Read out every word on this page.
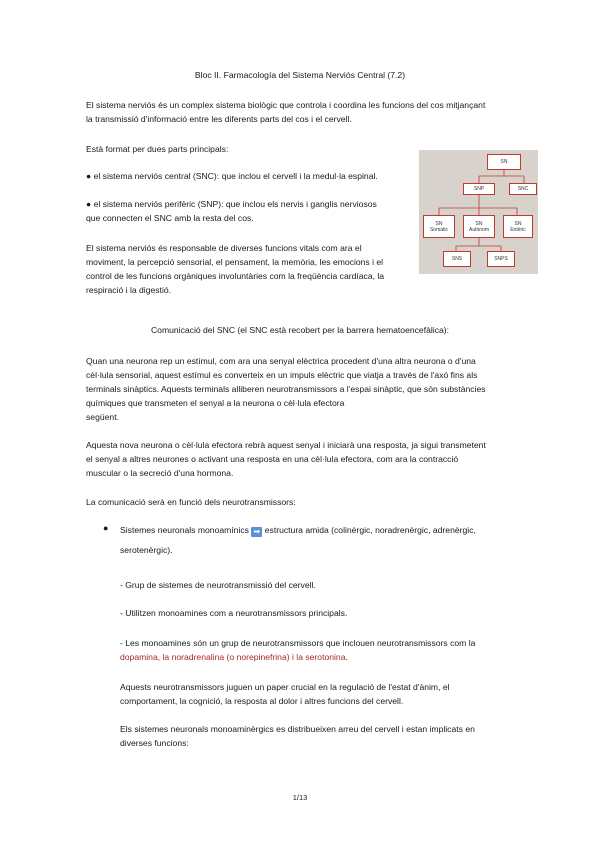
Bloc II. Farmacología del Sistema Nerviós Central (7.2)

El sistema nerviós és un complex sistema biològic que controla i coordina les funcions del cos mitjançant

la transmissió d'informació entre les diferents parts del cos i el cervell.

Està format per dues parts principals:

● el sistema nerviós central (SNC): que inclou el cervell i la medul·la espinal.

● el sistema nerviós perifèric (SNP): que inclou els nervis i ganglis nerviosos

que connecten el SNC amb la resta del cos.

El sistema nerviós és responsable de diverses funcions vitals com ara el

moviment, la percepció sensorial, el pensament, la memòria, les emocions i el

control de les funcions orgàniques involuntàries com la freqüència cardíaca, la

respiració i la digestió.

SN
SNP	SNC
SN
Somàtic
SN
Autònom
SN
Entèric
SNS	SNPS
Comunicació del SNC (el SNC està recobert per la barrera hematoencefàlica):

Quan una neurona rep un estímul, com ara una senyal elèctrica procedent d'una altra neurona o d'una

cèl·lula sensorial, aquest estímul es converteix en un impuls elèctric que viatja a través de l'axó fins als

terminals sinàptics. Aquests terminals alliberen neurotransmissors a l'espai sinàptic, que són substàncies

químiques que transmeten el senyal a la neurona o cèl·lula efectora

següent.

Aquesta nova neurona o cèl·lula efectora rebrà aquest senyal i iniciarà una resposta, ja sigui transmetent

el senyal a altres neurones o activant una resposta en una cèl·lula efectora, com ara la contracció

muscular o la secreció d'una hormona.

La comunicació serà en funció dels neurotransmissors:

● Sistemes neuronals monoamínics ➡ estructura amida (colinèrgic, noradrenèrgic, adrenèrgic,

serotenèrgic).

- Grup de sistemes de neurotransmissió del cervell.

- Utilitzen monoamines com a neurotransmissors principals.

- Les monoamines són un grup de neurotransmissors que inclouen neurotransmissors com la

dopamina, la noradrenalina (o norepinefrina) i la serotonina.

Aquests neurotransmissors juguen un paper crucial en la regulació de l'estat d'ànim, el

comportament, la cognició, la resposta al dolor i altres funcions del cervell.

Els sistemes neuronals monoaminèrgics es distribueixen arreu del cervell i estan implicats en

diverses funcions:

1/13
